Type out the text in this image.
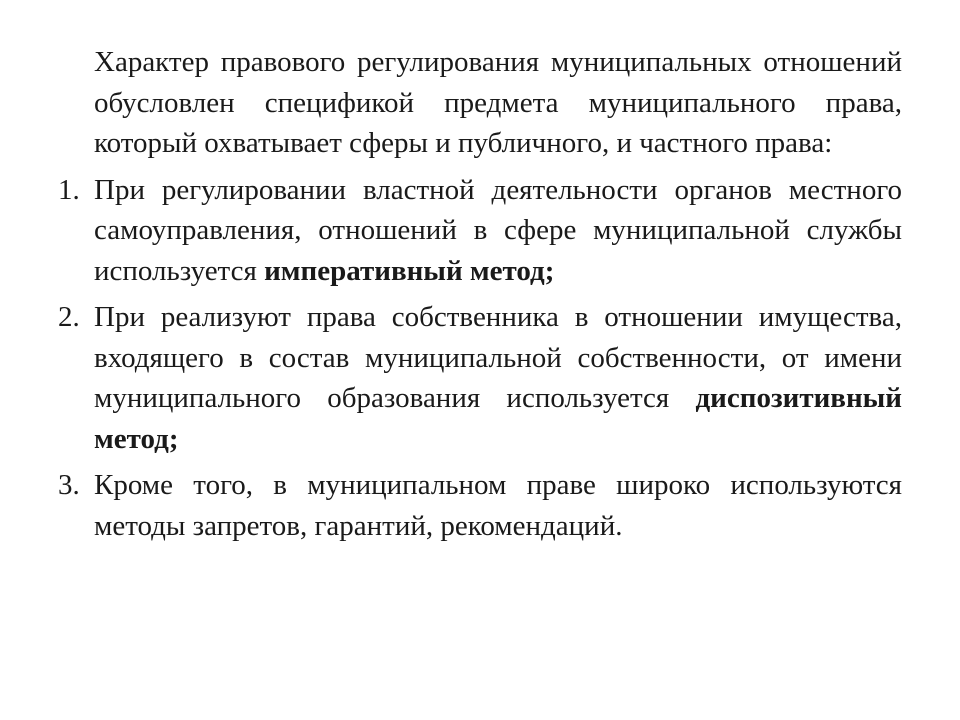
Характер правового регулирования муниципальных отношений обусловлен спецификой предмета муниципального права, который охватывает сферы и публичного, и частного права:

1. При регулировании властной деятельности органов местного самоуправления, отношений в сфере муниципальной службы используется императивный метод;

2. При реализуют права собственника в отношении имущества, входящего в состав муниципальной собственности, от имени муниципального образования используется диспозитивный метод;

3. Кроме того, в муниципальном праве широко используются методы запретов, гарантий, рекомендаций.
